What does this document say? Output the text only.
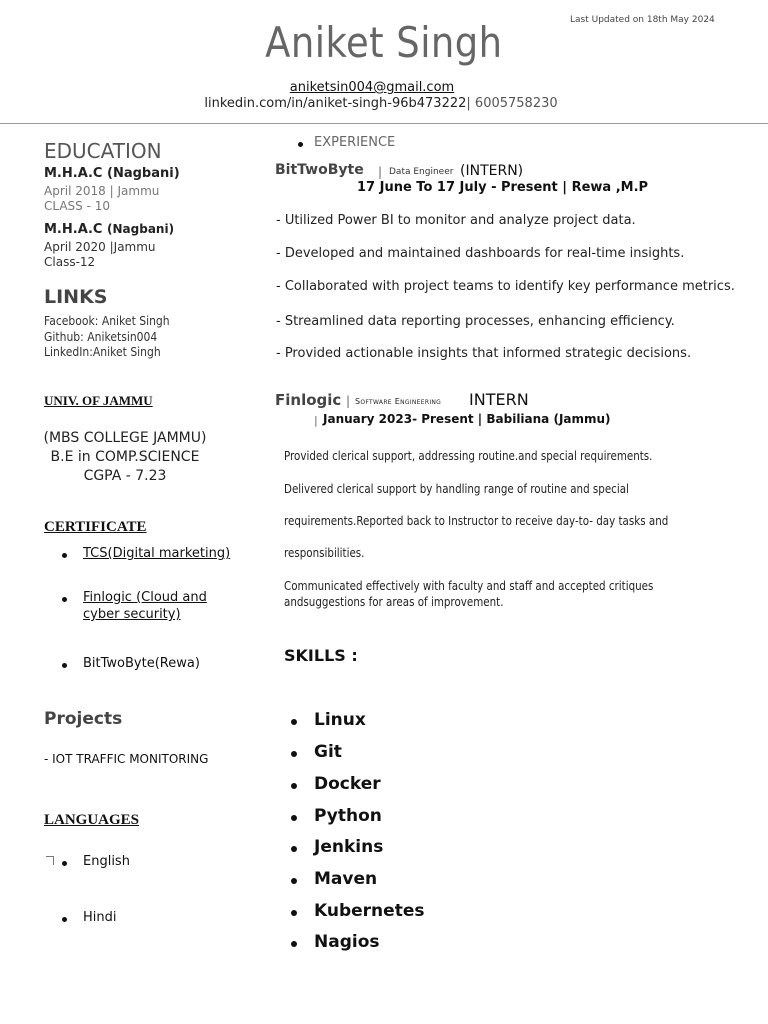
Last Updated on 18th May 2024
Aniket Singh
aniketsin004@gmail.com
linkedin.com/in/aniket-singh-96b473222| 6005758230
EDUCATION
M.H.A.C (Nagbani)
April 2018 | Jammu
CLASS - 10
M.H.A.C (Nagbani)
April 2020 |Jammu
Class-12
LINKS
Facebook: Aniket Singh
Github: Aniketsin004
LinkedIn:Aniket Singh
UNIV. OF JAMMU
(MBS COLLEGE JAMMU)
B.E in COMP.SCIENCE
CGPA - 7.23
CERTIFICATE
TCS(Digital marketing)
Finlogic (Cloud and
cyber security)
BitTwoByte(Rewa)
Projects
- IOT TRAFFIC MONITORING
LANGUAGES
English
Hindi
EXPERIENCE
BitTwoByte | Data Engineer (INTERN)
17 June To 17 July - Present | Rewa ,M.P
- Utilized Power BI to monitor and analyze project data.
- Developed and maintained dashboards for real-time insights.
- Collaborated with project teams to identify key performance metrics.
- Streamlined data reporting processes, enhancing efficiency.
- Provided actionable insights that informed strategic decisions.
Finlogic | Software Engineering INTERN
| January 2023- Present | Babiliana (Jammu)
Provided clerical support, addressing routine.and special requirements.
Delivered clerical support by handling range of routine and special
requirements.Reported back to Instructor to receive day-to- day tasks and
responsibilities.
Communicated effectively with faculty and staff and accepted critiques
andsuggestions for areas of improvement.
SKILLS :
Linux
Git
Docker
Python
Jenkins
Maven
Kubernetes
Nagios
